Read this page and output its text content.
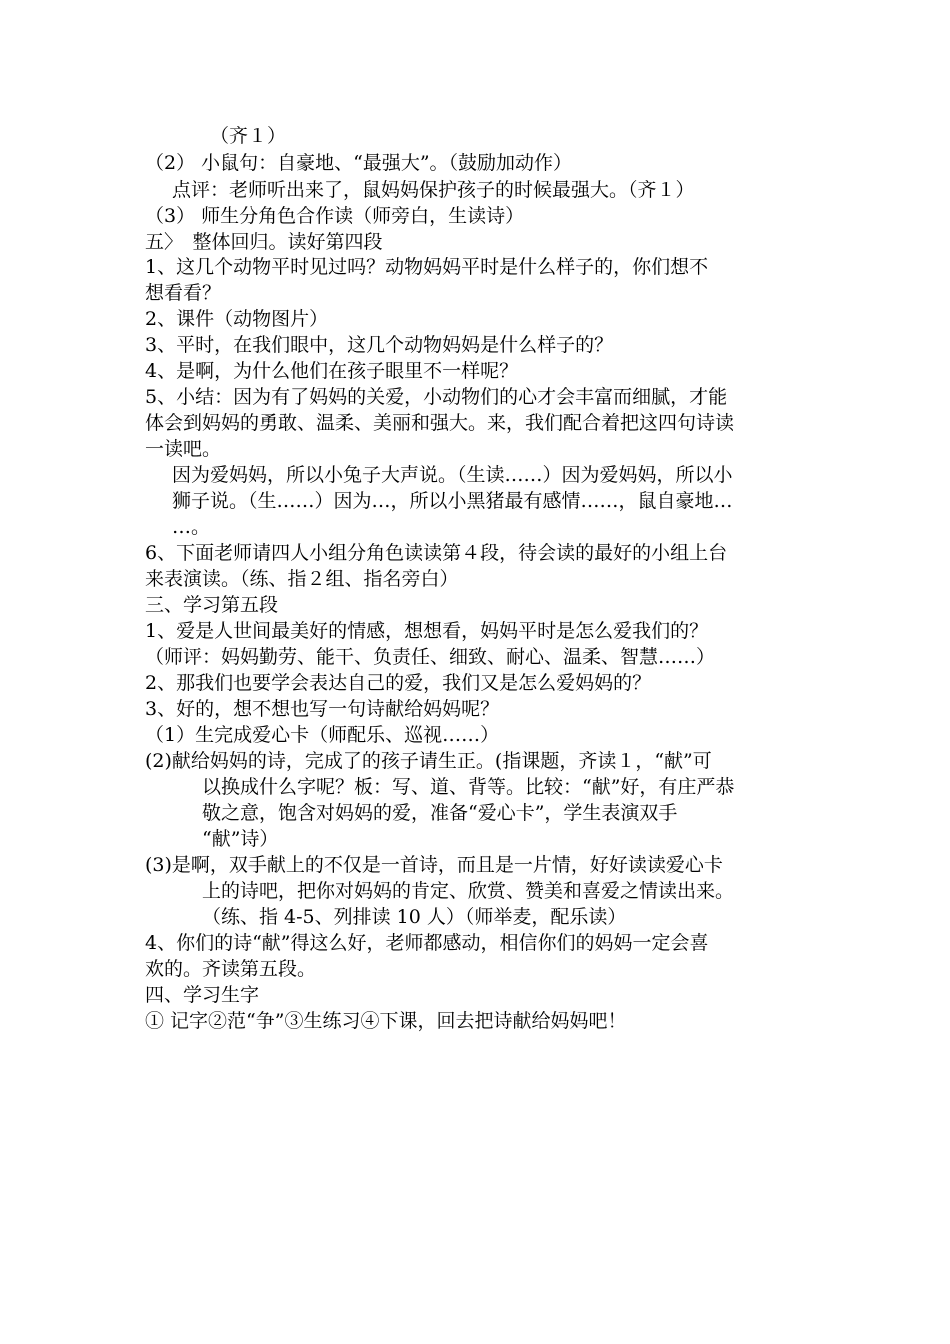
（齐１）
（2） 小鼠句：自豪地、“最强大”。（鼓励加动作）
点评：老师听出来了，鼠妈妈保护孩子的时候最强大。（齐１）
（3） 师生分角色合作读（师旁白，生读诗）
五〉　整体回归。读好第四段
1、这几个动物平时见过吗？动物妈妈平时是什么样子的，你们想不
想看看？
2、课件（动物图片）
3、平时，在我们眼中，这几个动物妈妈是什么样子的？
4、是啊，为什么他们在孩子眼里不一样呢？
5、小结：因为有了妈妈的关爱，小动物们的心才会丰富而细腻，才能
体会到妈妈的勇敢、温柔、美丽和强大。来，我们配合着把这四句诗读
一读吧。
因为爱妈妈，所以小兔子大声说。（生读……）因为爱妈妈，所以小
狮子说。（生……）因为…，所以小黑猪最有感情……，鼠自豪地…
…。
6、下面老师请四人小组分角色读读第４段，待会读的最好的小组上台
来表演读。（练、指２组、指名旁白）
三、学习第五段
1、爱是人世间最美好的情感，想想看，妈妈平时是怎么爱我们的？
（师评：妈妈勤劳、能干、负责任、细致、耐心、温柔、智慧……）
2、那我们也要学会表达自己的爱，我们又是怎么爱妈妈的？
3、好的，想不想也写一句诗献给妈妈呢？
（1）生完成爱心卡（师配乐、巡视……）
(2)献给妈妈的诗，完成了的孩子请生正。(指课题，齐读１，“献”可
以换成什么字呢？板：写、道、背等。比较：“献”好，有庄严恭
敬之意，饱含对妈妈的爱，准备“爱心卡”，学生表演双手
“献”诗）
(3)是啊，双手献上的不仅是一首诗，而且是一片情，好好读读爱心卡
上的诗吧，把你对妈妈的肯定、欣赏、赞美和喜爱之情读出来。
（练、指 4-5、列排读 10 人）（师举麦，配乐读）
4、你们的诗“献”得这么好，老师都感动，相信你们的妈妈一定会喜
欢的。齐读第五段。
四、学习生字
① 记字②范“争”③生练习④下课，回去把诗献给妈妈吧！
